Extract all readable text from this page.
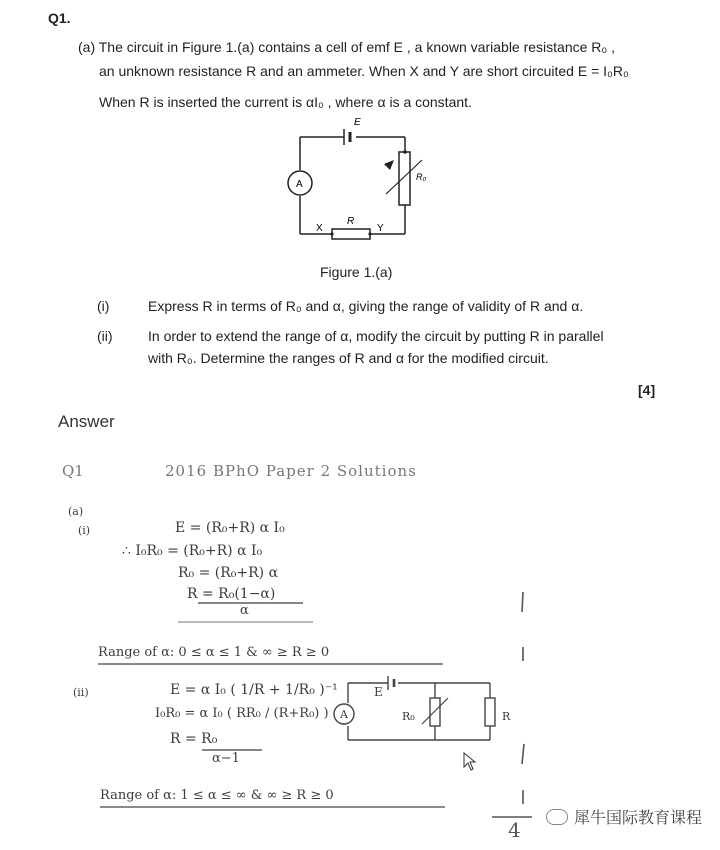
Q1.
(a) The circuit in Figure 1.(a) contains a cell of emf E , a known variable resistance R₀ ,
an unknown resistance R and an ammeter. When X and Y are short circuited E = I₀R₀
When R is inserted the current is αI₀ , where α is a constant.
E
A
R₀
R
X	Y
Figure 1.(a)
(i)	Express R in terms of R₀ and α, giving the range of validity of R and α.
(ii)	In order to extend the range of α, modify the circuit by putting R in parallel
with R₀. Determine the ranges of R and α for the modified circuit.
[4]
Answer
Q1	2016 BPhO Paper 2 Solutions
(a)
(i)	E = (R₀+R) α I₀
∴ I₀R₀ = (R₀+R) α I₀
R₀ = (R₀+R) α
R = R₀(1−α)
α
Range of α: 0 ≤ α ≤ 1 & ∞ ≥ R ≥ 0
(ii)	E = α I₀ ( 1/R + 1/R₀ )⁻¹
I₀R₀ = α I₀ ( RR₀ / (R+R₀) )
R = R₀
α−1
E
A	R₀	R
Range of α: 1 ≤ α ≤ ∞ & ∞ ≥ R ≥ 0
4	犀牛国际教育课程
